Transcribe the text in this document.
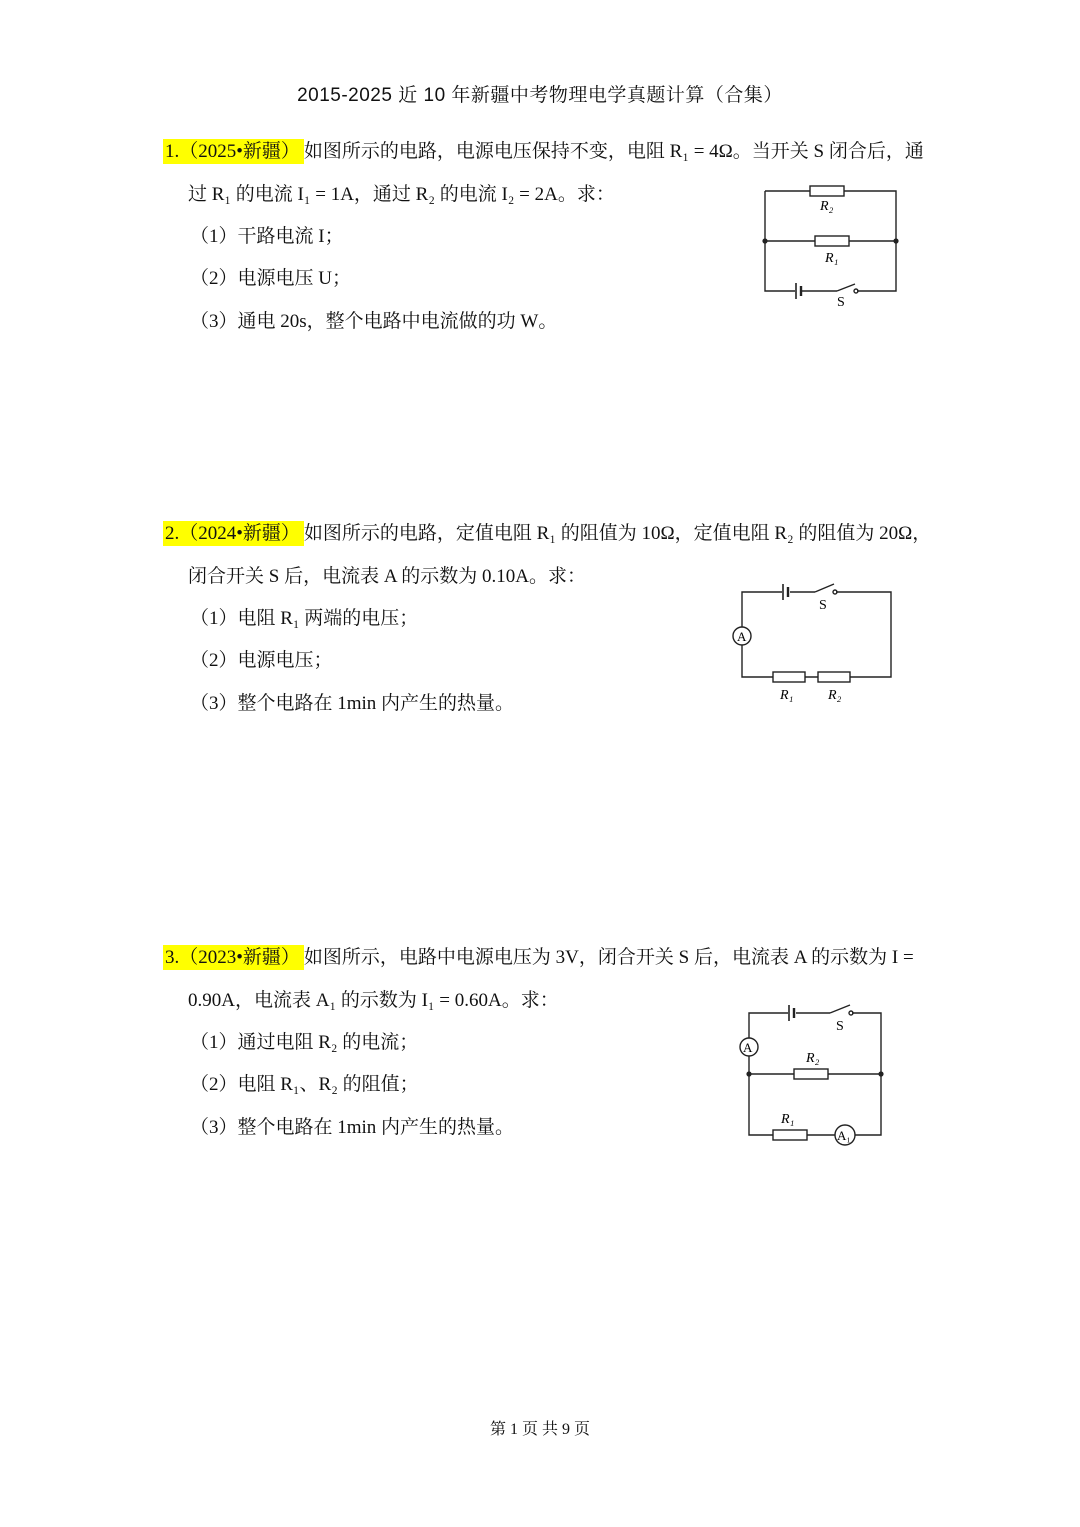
2015-2025 近 10 年新疆中考物理电学真题计算（合集）
1.（2025•新疆） 如图所示的电路，电源电压保持不变，电阻 R₁ = 4Ω。当开关 S 闭合后，通
过 R₁ 的电流 I₁ = 1A，通过 R₂ 的电流 I₂ = 2A。求：
（1）干路电流 I；
（2）电源电压 U；
（3）通电 20s，整个电路中电流做的功 W。
R₂
R₁
S
2.（2024•新疆） 如图所示的电路，定值电阻 R₁ 的阻值为 10Ω，定值电阻 R₂ 的阻值为 20Ω，
闭合开关 S 后，电流表 A 的示数为 0.10A。求：
（1）电阻 R₁ 两端的电压；
（2）电源电压；
（3）整个电路在 1min 内产生的热量。
A
S
R₁ R₂
3.（2023•新疆） 如图所示，电路中电源电压为 3V，闭合开关 S 后，电流表 A 的示数为 I =
0.90A，电流表 A₁ 的示数为 I₁ = 0.60A。求：
（1）通过电阻 R₂ 的电流；
（2）电阻 R₁、R₂ 的阻值；
（3）整个电路在 1min 内产生的热量。
A
S
R₂
R₁
A₁
第 1 页 共 9 页
